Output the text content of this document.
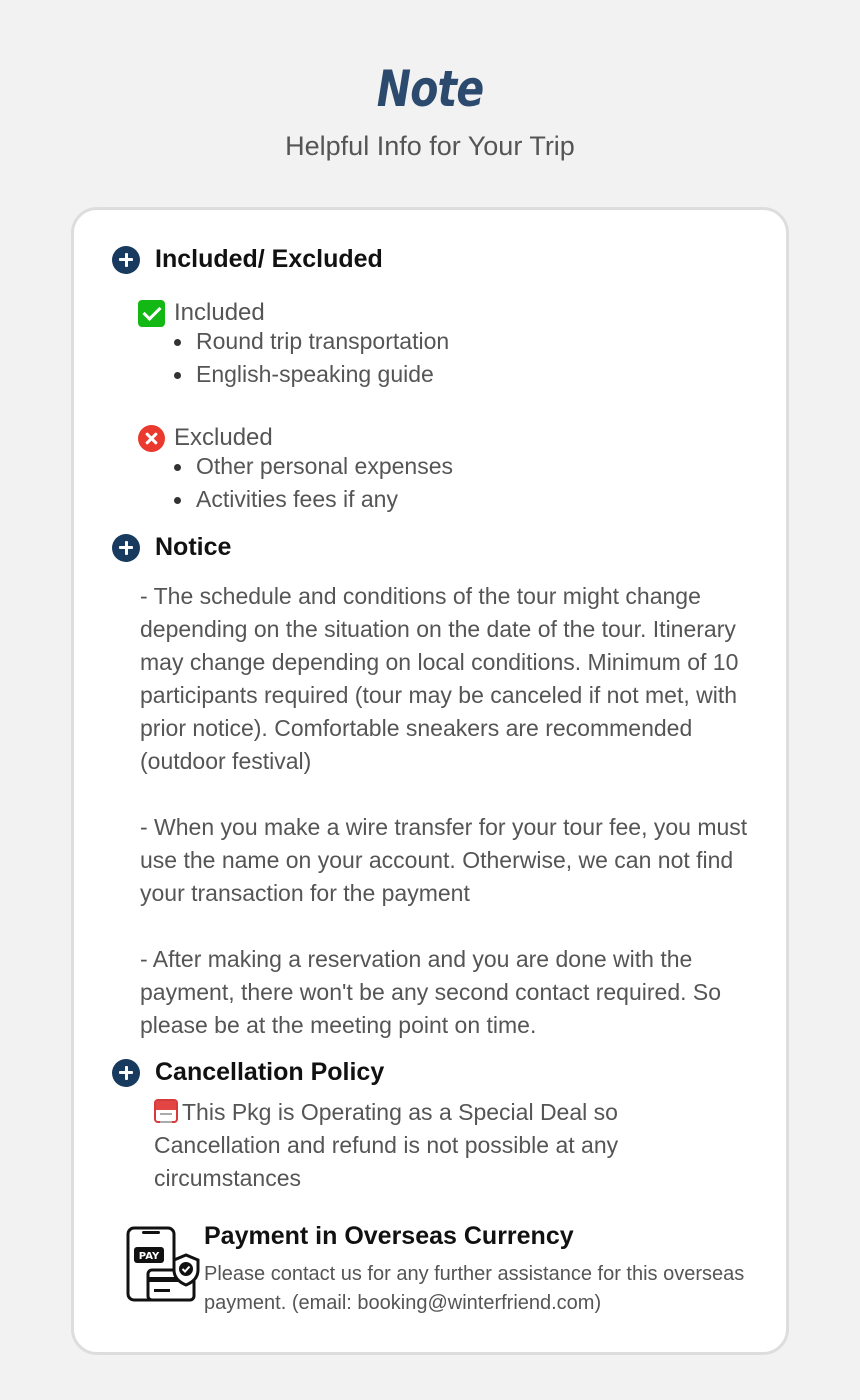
Note
Helpful Info for Your Trip
Included/ Excluded
Included
Round trip transportation
English-speaking guide
Excluded
Other personal expenses
Activities fees if any
Notice

- The schedule and conditions of the tour might change depending on the situation on the date of the tour. Itinerary may change depending on local conditions. Minimum of 10 participants required (tour may be canceled if not met, with prior notice). Comfortable sneakers are recommended (outdoor festival)

- When you make a wire transfer for your tour fee, you must use the name on your account. Otherwise, we can not find your transaction for the payment

- After making a reservation and you are done with the payment, there won't be any second contact required. So please be at the meeting point on time.

Cancellation Policy

This Pkg is Operating as a Special Deal so Cancellation and refund is not possible at any circumstances

PAY
Payment in Overseas Currency

Please contact us for any further assistance for this overseas payment. (email: booking@winterfriend.com)
